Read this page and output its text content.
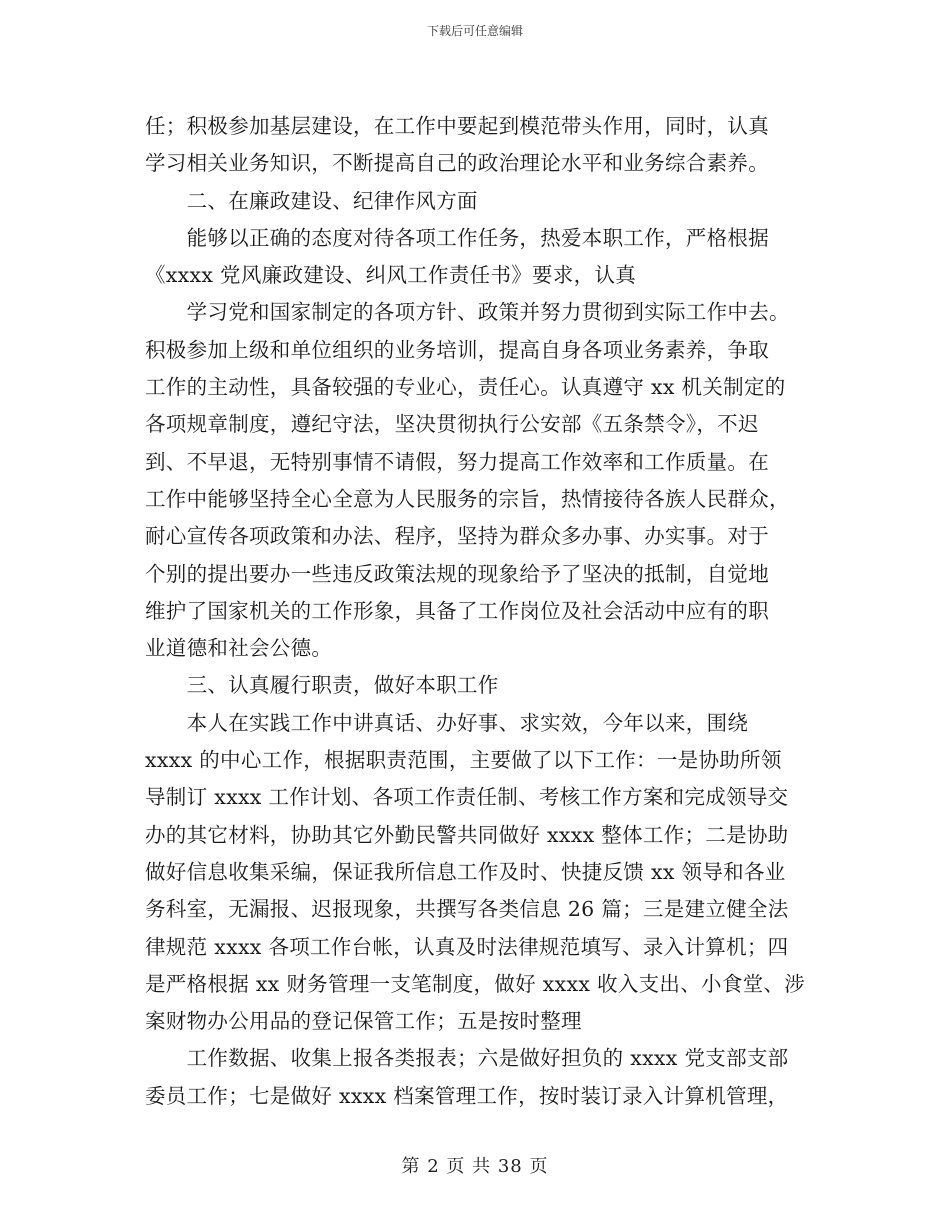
下载后可任意编辑
任；积极参加基层建设，在工作中要起到模范带头作用，同时，认真
学习相关业务知识，不断提高自己的政治理论水平和业务综合素养。
　　二、在廉政建设、纪律作风方面
　　能够以正确的态度对待各项工作任务，热爱本职工作，严格根据
《xxxx 党风廉政建设、纠风工作责任书》要求，认真
　　学习党和国家制定的各项方针、政策并努力贯彻到实际工作中去。
积极参加上级和单位组织的业务培训，提高自身各项业务素养，争取
工作的主动性，具备较强的专业心，责任心。认真遵守 xx 机关制定的
各项规章制度，遵纪守法，坚决贯彻执行公安部《五条禁令》，不迟
到、不早退，无特别事情不请假，努力提高工作效率和工作质量。在
工作中能够坚持全心全意为人民服务的宗旨，热情接待各族人民群众，
耐心宣传各项政策和办法、程序，坚持为群众多办事、办实事。对于
个别的提出要办一些违反政策法规的现象给予了坚决的抵制，自觉地
维护了国家机关的工作形象，具备了工作岗位及社会活动中应有的职
业道德和社会公德。
　　三、认真履行职责，做好本职工作
　　本人在实践工作中讲真话、办好事、求实效，今年以来，围绕
xxxx 的中心工作，根据职责范围，主要做了以下工作：一是协助所领
导制订 xxxx 工作计划、各项工作责任制、考核工作方案和完成领导交
办的其它材料，协助其它外勤民警共同做好 xxxx 整体工作；二是协助
做好信息收集采编，保证我所信息工作及时、快捷反馈 xx 领导和各业
务科室，无漏报、迟报现象，共撰写各类信息 26 篇；三是建立健全法
律规范 xxxx 各项工作台帐，认真及时法律规范填写、录入计算机；四
是严格根据 xx 财务管理一支笔制度，做好 xxxx 收入支出、小食堂、涉
案财物办公用品的登记保管工作；五是按时整理
　　工作数据、收集上报各类报表；六是做好担负的 xxxx 党支部支部
委员工作；七是做好 xxxx 档案管理工作，按时装订录入计算机管理，
第 2 页 共 38 页
